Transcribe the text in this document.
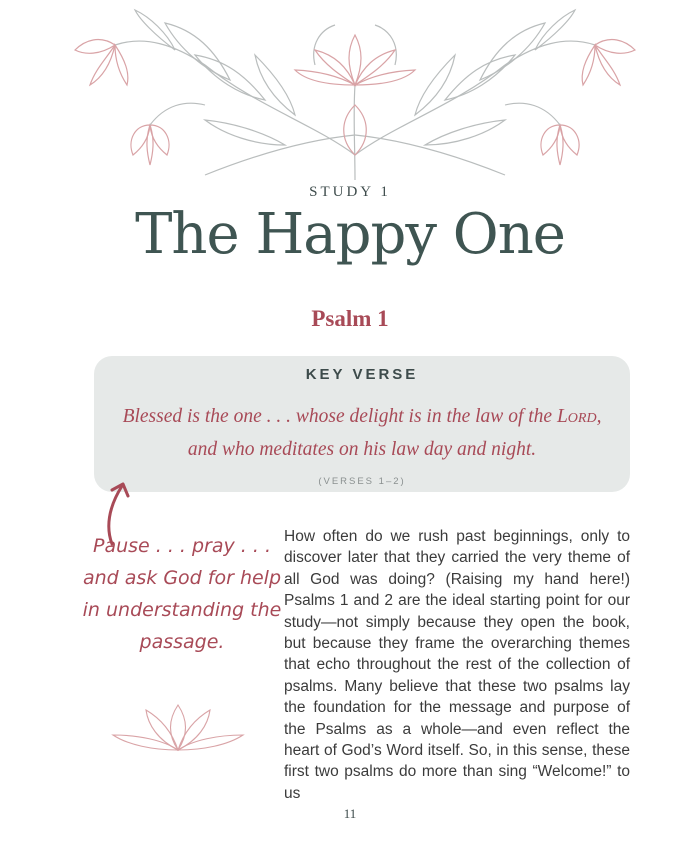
STUDY 1
The Happy One
Psalm 1
KEY VERSE
Blessed is the one . . . whose delight is in the law of the Lord,
and who meditates on his law day and night.
(VERSES 1–2)
Pause . . . pray . . . and ask God for help in understanding the passage.

How often do we rush past beginnings, only to discover later that they carried the very theme of all God was doing? (Raising my hand here!) Psalms 1 and 2 are the ideal starting point for our study—not simply because they open the book, but because they frame the overarching themes that echo throughout the rest of the collection of psalms. Many believe that these two psalms lay the foundation for the message and purpose of the Psalms as a whole—and even reflect the heart of God’s Word itself. So, in this sense, these first two psalms do more than sing “Welcome!” to us

11
